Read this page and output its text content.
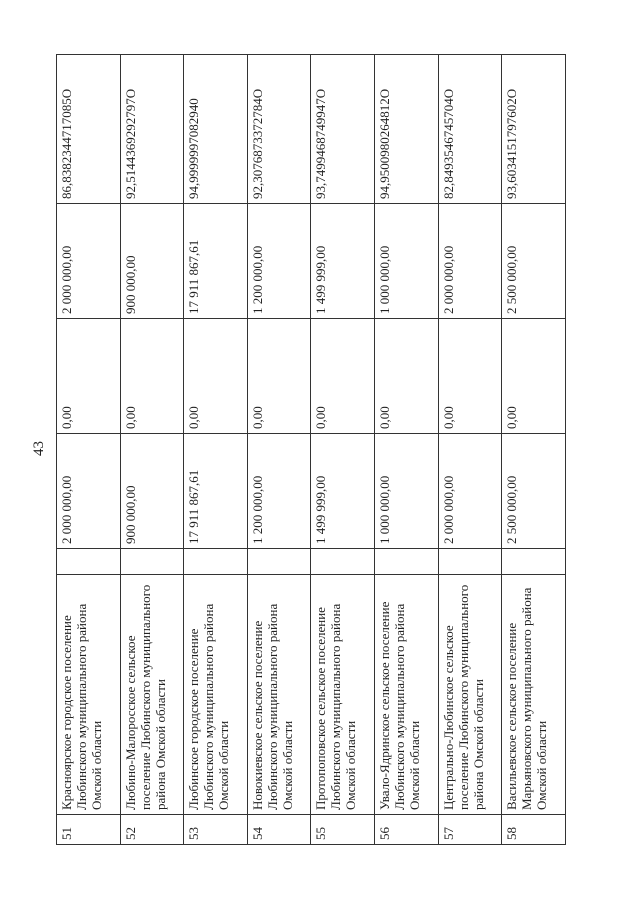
43
51	Красноярское городское поселение Любинского муниципального района Омской области		2 000 000,00	0,00	2 000 000,00	86,8382344717085О
52	Любино-Малоросское сельское поселение Любинского муниципального района Омской области		900 000,00	0,00	900 000,00	92,5144369292797О
53	Любинское городское поселение Любинского муниципального района Омской области		17 911 867,61	0,00	17 911 867,61	94,9999997082940
54	Новокиевское сельское поселение Любинского муниципального района Омской области		1 200 000,00	0,00	1 200 000,00	92,3076873372784О
55	Протопоповское сельское поселение Любинского муниципального района Омской области		1 499 999,00	0,00	1 499 999,00	93,7499468749947О
56	Увало-Ядринское сельское поселение Любинского муниципального района Омской области		1 000 000,00	0,00	1 000 000,00	94,9500980264812О
57	Центрально-Любинское сельское поселение Любинского муниципального района Омской области		2 000 000,00	0,00	2 000 000,00	82,8493546745704О
58	Васильевское сельское поселение Марьяновского муниципального района Омской области		2 500 000,00	0,00	2 500 000,00	93,6034151797602О
